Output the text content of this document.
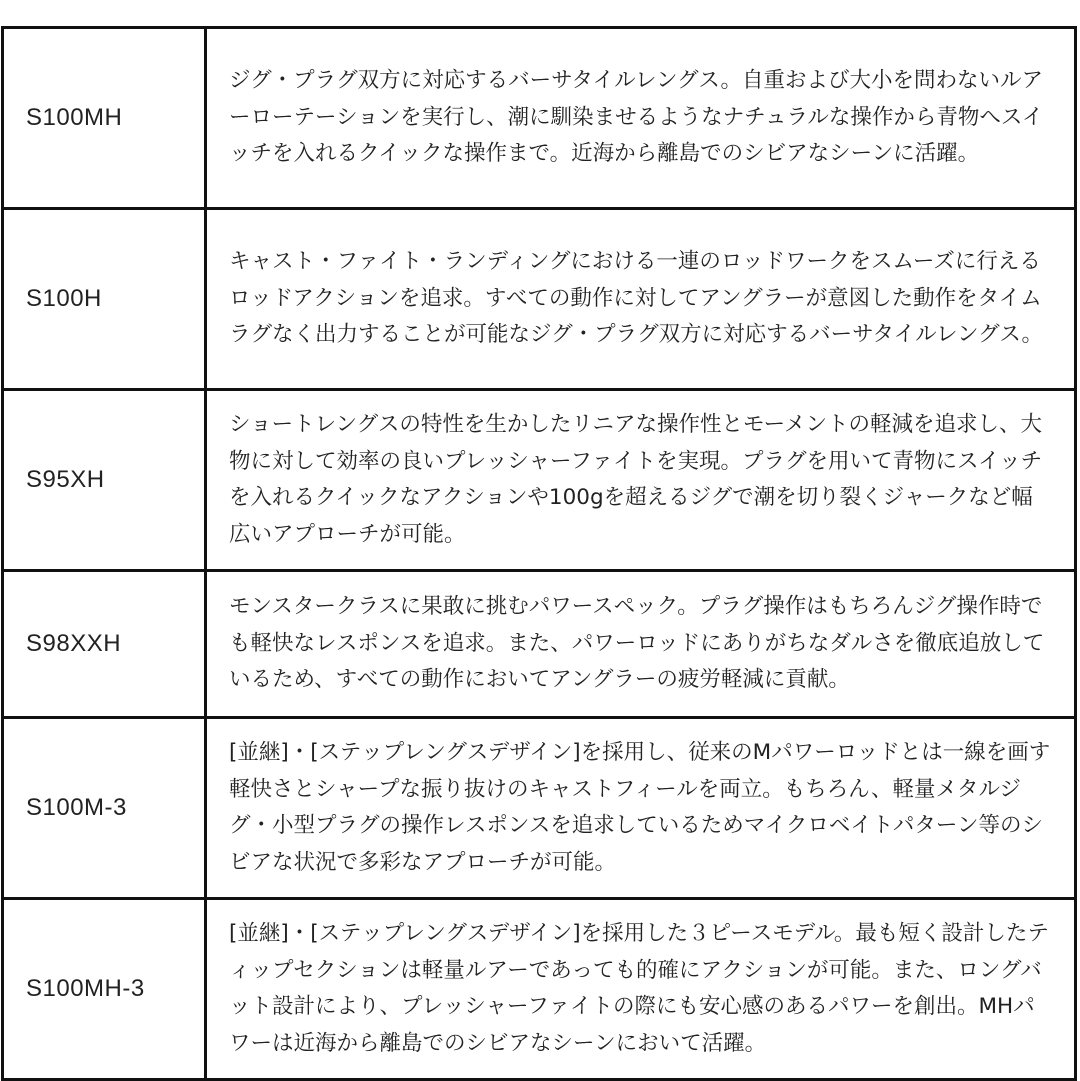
S100MH	ジグ・プラグ双方に対応するバーサタイルレングス。自重および大小を問わないルアーローテーションを実行し、潮に馴染ませるようなナチュラルな操作から青物へスイッチを入れるクイックな操作まで。近海から離島でのシビアなシーンに活躍。
S100H	キャスト・ファイト・ランディングにおける一連のロッドワークをスムーズに行えるロッドアクションを追求。すべての動作に対してアングラーが意図した動作をタイムラグなく出力することが可能なジグ・プラグ双方に対応するバーサタイルレングス。
S95XH	ショートレングスの特性を生かしたリニアな操作性とモーメントの軽減を追求し、大物に対して効率の良いプレッシャーファイトを実現。プラグを用いて青物にスイッチを入れるクイックなアクションや100gを超えるジグで潮を切り裂くジャークなど幅広いアプローチが可能。
S98XXH	モンスタークラスに果敢に挑むパワースペック。プラグ操作はもちろんジグ操作時でも軽快なレスポンスを追求。また、パワーロッドにありがちなダルさを徹底追放しているため、すべての動作においてアングラーの疲労軽減に貢献。
S100M-3	[並継]・[ステップレングスデザイン]を採用し、従来のMパワーロッドとは一線を画す軽快さとシャープな振り抜けのキャストフィールを両立。もちろん、軽量メタルジグ・小型プラグの操作レスポンスを追求しているためマイクロベイトパターン等のシビアな状況で多彩なアプローチが可能。
S100MH-3	[並継]・[ステップレングスデザイン]を採用した３ピースモデル。最も短く設計したティップセクションは軽量ルアーであっても的確にアクションが可能。また、ロングバット設計により、プレッシャーファイトの際にも安心感のあるパワーを創出。MHパワーは近海から離島でのシビアなシーンにおいて活躍。
